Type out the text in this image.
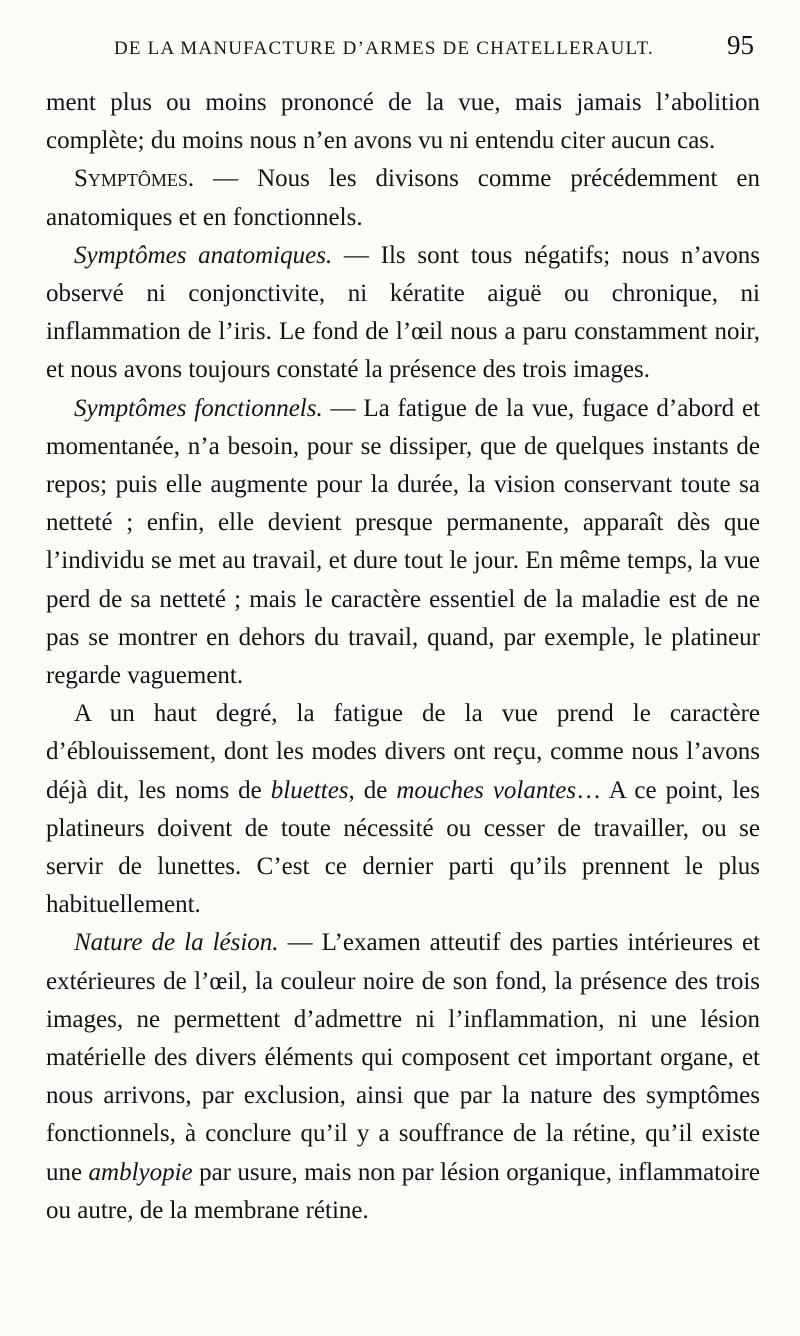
DE LA MANUFACTURE D’ARMES DE CHATELLERAULT.	95

ment plus ou moins prononcé de la vue, mais jamais l’abolition complète; du moins nous n’en avons vu ni entendu citer aucun cas.

Symptômes. — Nous les divisons comme précédemment en anatomiques et en fonctionnels.

Symptômes anatomiques. — Ils sont tous négatifs; nous n’avons observé ni conjonctivite, ni kératite aiguë ou chronique, ni inflammation de l’iris. Le fond de l’œil nous a paru constamment noir, et nous avons toujours constaté la présence des trois images.

Symptômes fonctionnels. — La fatigue de la vue, fugace d’abord et momentanée, n’a besoin, pour se dissiper, que de quelques instants de repos; puis elle augmente pour la durée, la vision conservant toute sa netteté ; enfin, elle devient presque permanente, apparaît dès que l’individu se met au travail, et dure tout le jour. En même temps, la vue perd de sa netteté ; mais le caractère essentiel de la maladie est de ne pas se montrer en dehors du travail, quand, par exemple, le platineur regarde vaguement.

A un haut degré, la fatigue de la vue prend le caractère d’éblouissement, dont les modes divers ont reçu, comme nous l’avons déjà dit, les noms de bluettes, de mouches volantes… A ce point, les platineurs doivent de toute nécessité ou cesser de travailler, ou se servir de lunettes. C’est ce dernier parti qu’ils prennent le plus habituellement.

Nature de la lésion. — L’examen atteutif des parties intérieures et extérieures de l’œil, la couleur noire de son fond, la présence des trois images, ne permettent d’admettre ni l’inflammation, ni une lésion matérielle des divers éléments qui composent cet important organe, et nous arrivons, par exclusion, ainsi que par la nature des symptômes fonctionnels, à conclure qu’il y a souffrance de la rétine, qu’il existe une amblyopie par usure, mais non par lésion organique, inflammatoire ou autre, de la membrane rétine.
